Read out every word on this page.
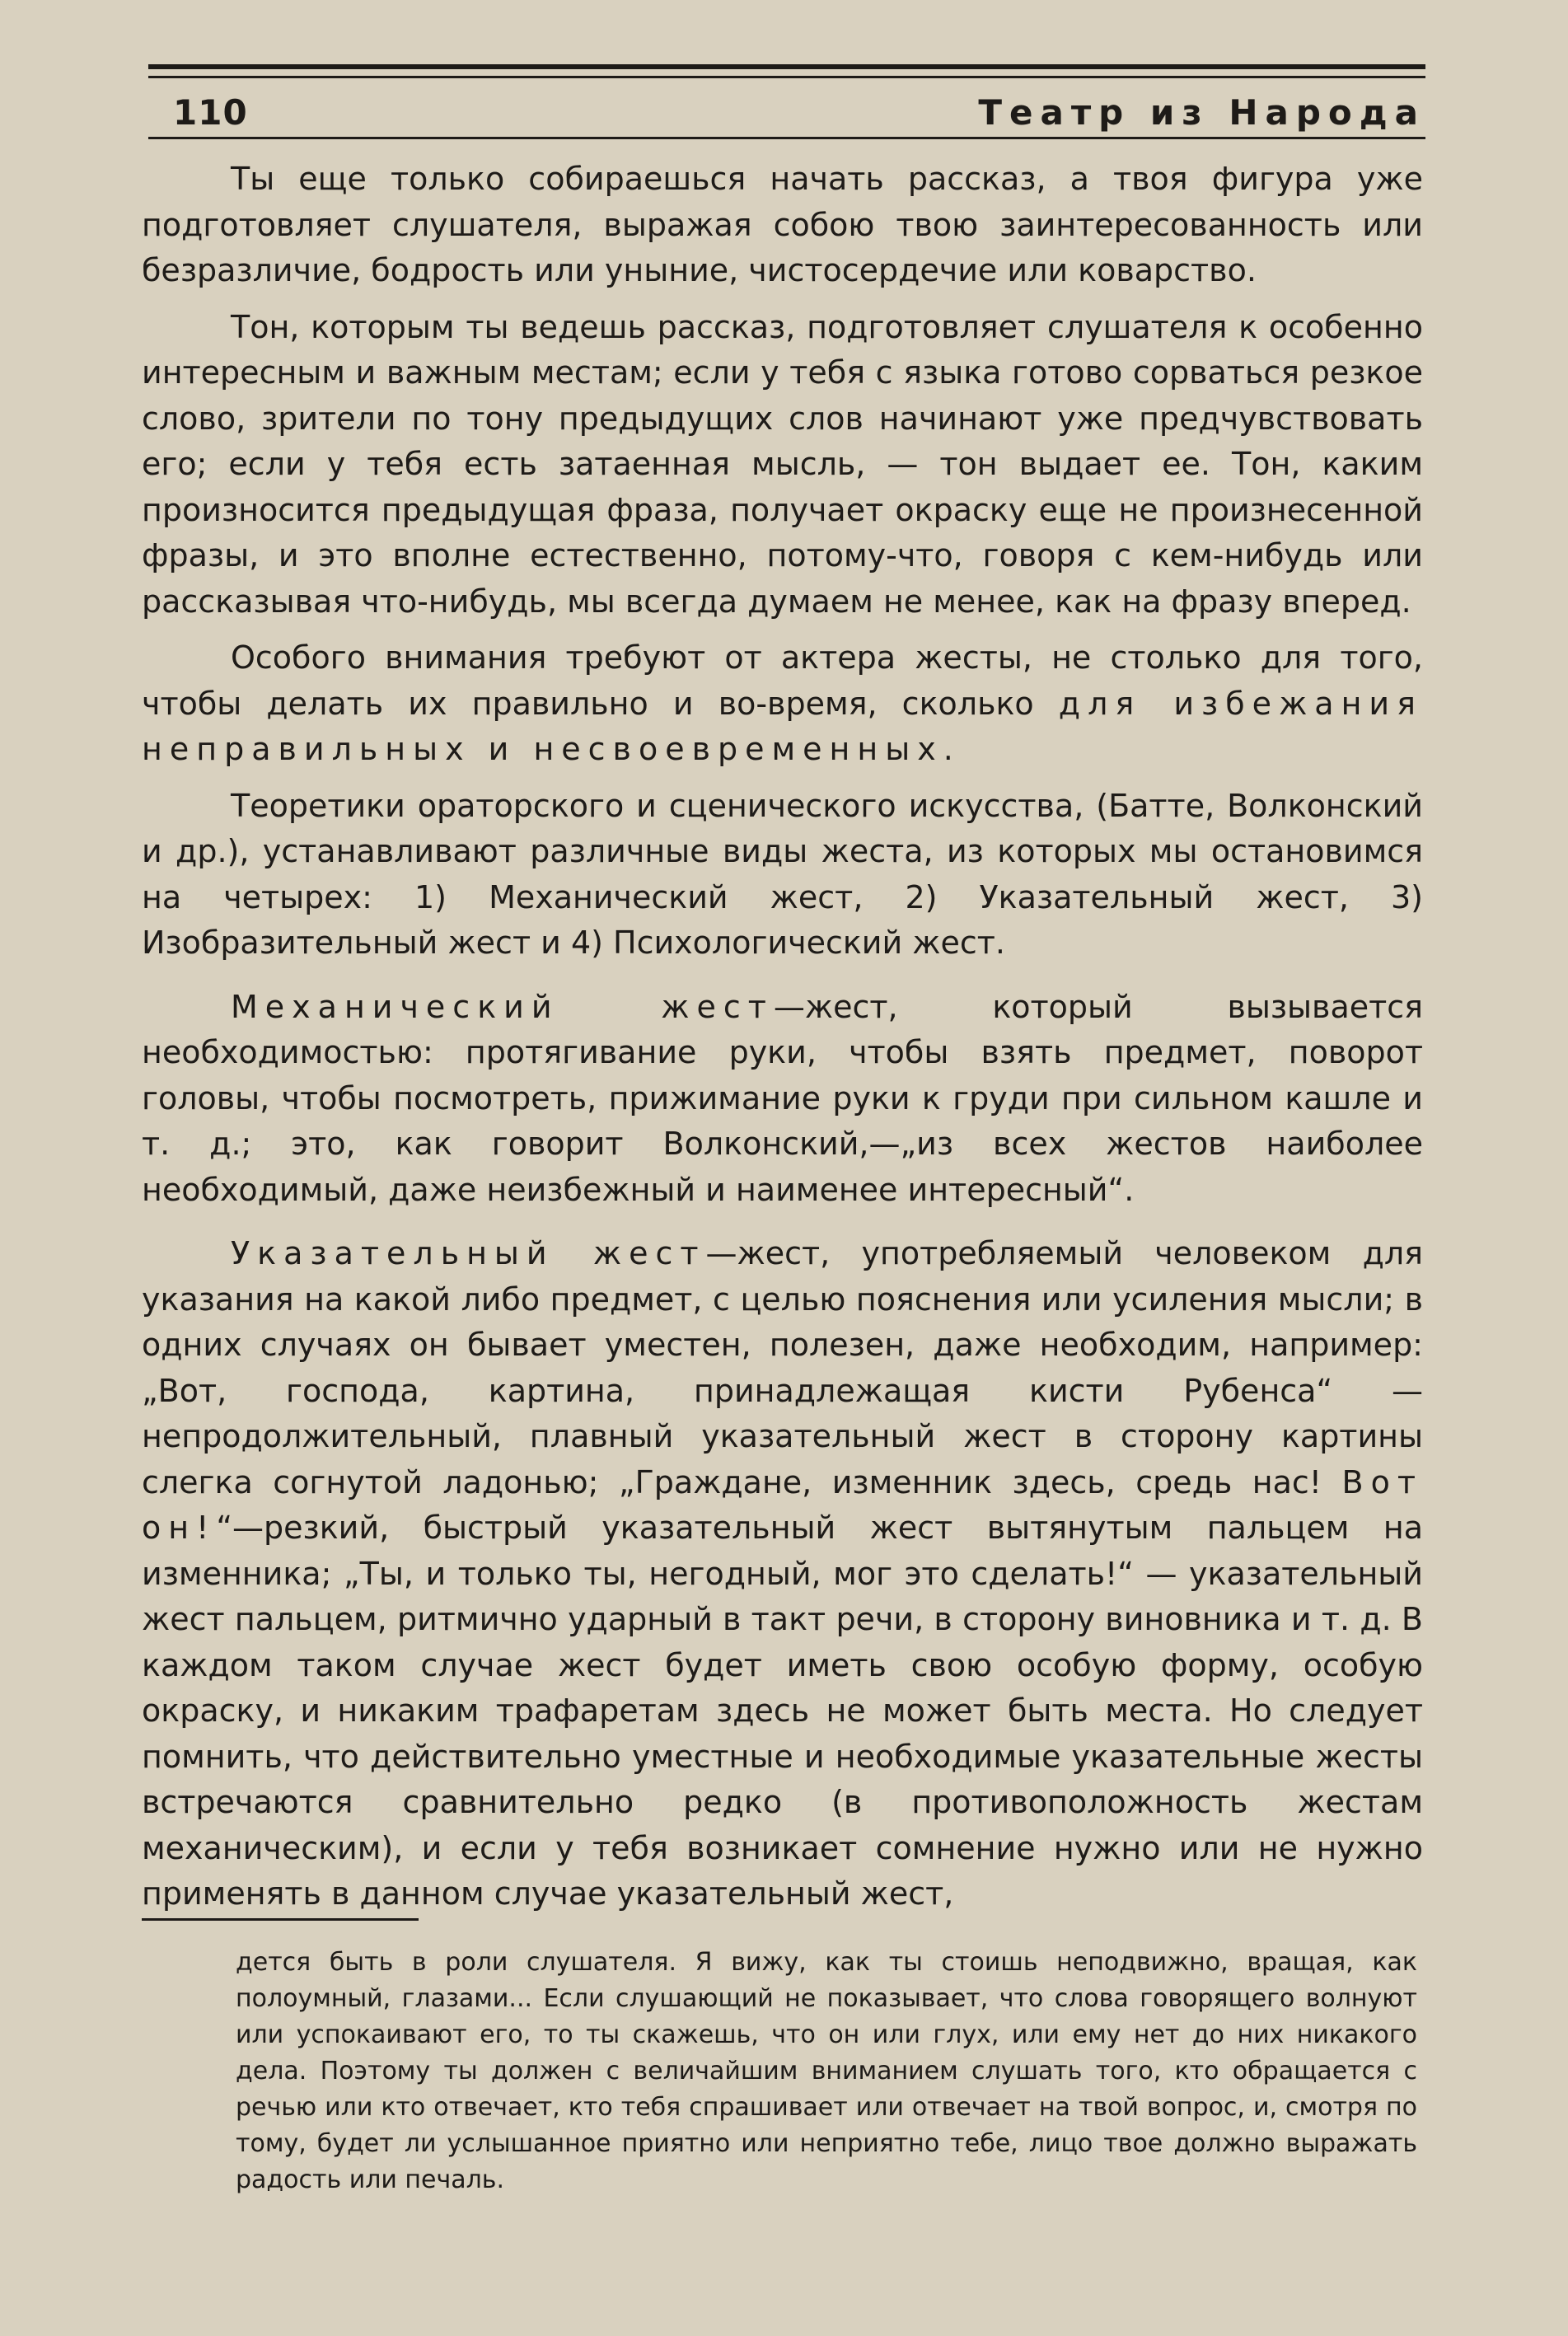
110	Театр из Народа

Ты еще только собираешься начать рассказ, а твоя фигура уже подготовляет слушателя, выражая собою твою заинтересованность или безразличие, бодрость или уныние, чистосердечие или коварство.

Тон, которым ты ведешь рассказ, подготовляет слушателя к особенно интересным и важным местам; если у тебя с языка готово сорваться резкое слово, зрители по тону предыдущих слов начинают уже предчувствовать его; если у тебя есть затаенная мысль, — тон выдает ее. Тон, каким произносится предыдущая фраза, получает окраску еще не произнесенной фразы, и это вполне естественно, потому-что, говоря с кем-нибудь или рассказывая что-нибудь, мы всегда думаем не менее, как на фразу вперед.

Особого внимания требуют от актера жесты, не столько для того, чтобы делать их правильно и во-время, сколько для избежания неправильных и несвоевременных.

Теоретики ораторского и сценического искусства, (Батте, Волконский и др.), устанавливают различные виды жеста, из которых мы остановимся на четырех: 1) Механический жест, 2) Указательный жест, 3) Изобразительный жест и 4) Психологический жест.

Механический жест—жест, который вызывается необходимостью: протягивание руки, чтобы взять предмет, поворот головы, чтобы посмотреть, прижимание руки к груди при сильном кашле и т. д.; это, как говорит Волконский,—„из всех жестов наиболее необходимый, даже неизбежный и наименее интересный“.

Указательный жест—жест, употребляемый человеком для указания на какой либо предмет, с целью пояснения или усиления мысли; в одних случаях он бывает уместен, полезен, даже необходим, например: „Вот, господа, картина, принадлежащая кисти Рубенса“ — непродолжительный, плавный указательный жест в сторону картины слегка согнутой ладонью; „Граждане, изменник здесь, средь нас! Вот он!“—резкий, быстрый указательный жест вытянутым пальцем на изменника; „Ты, и только ты, негодный, мог это сделать!“ — указательный жест пальцем, ритмично ударный в такт речи, в сторону виновника и т. д. В каждом таком случае жест будет иметь свою особую форму, особую окраску, и никаким трафаретам здесь не может быть места. Но следует помнить, что действительно уместные и необходимые указательные жесты встречаются сравнительно редко (в противоположность жестам механическим), и если у тебя возникает сомнение нужно или не нужно применять в данном случае указательный жест,

дется быть в роли слушателя. Я вижу, как ты стоишь неподвижно, вращая, как полоумный, глазами... Если слушающий не показывает, что слова говорящего волнуют или успокаивают его, то ты скажешь, что он или глух, или ему нет до них никакого дела. Поэтому ты должен с величайшим вниманием слушать того, кто обращается с речью или кто отвечает, кто тебя спрашивает или отвечает на твой вопрос, и, смотря по тому, будет ли услышанное приятно или неприятно тебе, лицо твое должно выражать радость или печаль.
